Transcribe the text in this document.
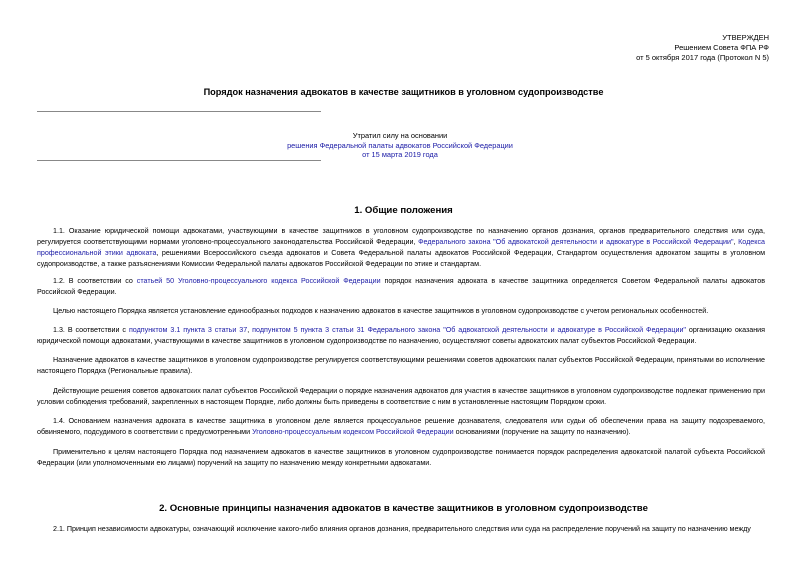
УТВЕРЖДЕН
Решением Совета ФПА РФ
от 5 октября 2017 года (Протокол N 5)
Порядок назначения адвокатов в качестве защитников в уголовном судопроизводстве
Утратил силу на основании
решения Федеральной палаты адвокатов Российской Федерации
от 15 марта 2019 года
1. Общие положения

1.1. Оказание юридической помощи адвокатами, участвующими в качестве защитников в уголовном судопроизводстве по назначению органов дознания, органов предварительного следствия или суда, регулируется соответствующими нормами уголовно-процессуального законодательства Российской Федерации, Федерального закона "Об адвокатской деятельности и адвокатуре в Российской Федерации", Кодекса профессиональной этики адвоката, решениями Всероссийского съезда адвокатов и Совета Федеральной палаты адвокатов Российской Федерации, Стандартом осуществления адвокатом защиты в уголовном судопроизводстве, а также разъяснениями Комиссии Федеральной палаты адвокатов Российской Федерации по этике и стандартам.

1.2. В соответствии со статьей 50 Уголовно-процессуального кодекса Российской Федерации порядок назначения адвоката в качестве защитника определяется Советом Федеральной палаты адвокатов Российской Федерации.

Целью настоящего Порядка является установление единообразных подходов к назначению адвокатов в качестве защитников в уголовном судопроизводстве с учетом региональных особенностей.

1.3. В соответствии с подпунктом 3.1 пункта 3 статьи 37, подпунктом 5 пункта 3 статьи 31 Федерального закона "Об адвокатской деятельности и адвокатуре в Российской Федерации" организацию оказания юридической помощи адвокатами, участвующими в качестве защитников в уголовном судопроизводстве по назначению, осуществляют советы адвокатских палат субъектов Российской Федерации.

Назначение адвокатов в качестве защитников в уголовном судопроизводстве регулируется соответствующими решениями советов адвокатских палат субъектов Российской Федерации, принятыми во исполнение настоящего Порядка (Региональные правила).

Действующие решения советов адвокатских палат субъектов Российской Федерации о порядке назначения адвокатов для участия в качестве защитников в уголовном судопроизводстве подлежат применению при условии соблюдения требований, закрепленных в настоящем Порядке, либо должны быть приведены в соответствие с ним в установленные настоящим Порядком сроки.

1.4. Основанием назначения адвоката в качестве защитника в уголовном деле является процессуальное решение дознавателя, следователя или судьи об обеспечении права на защиту подозреваемого, обвиняемого, подсудимого в соответствии с предусмотренными Уголовно-процессуальным кодексом Российской Федерации основаниями (поручение на защиту по назначению).

Применительно к целям настоящего Порядка под назначением адвокатов в качестве защитников в уголовном судопроизводстве понимается порядок распределения адвокатской палатой субъекта Российской Федерации (или уполномоченными ею лицами) поручений на защиту по назначению между конкретными адвокатами.

2. Основные принципы назначения адвокатов в качестве защитников в уголовном судопроизводстве

2.1. Принцип независимости адвокатуры, означающий исключение какого-либо влияния органов дознания, предварительного следствия или суда на распределение поручений на защиту по назначению между
